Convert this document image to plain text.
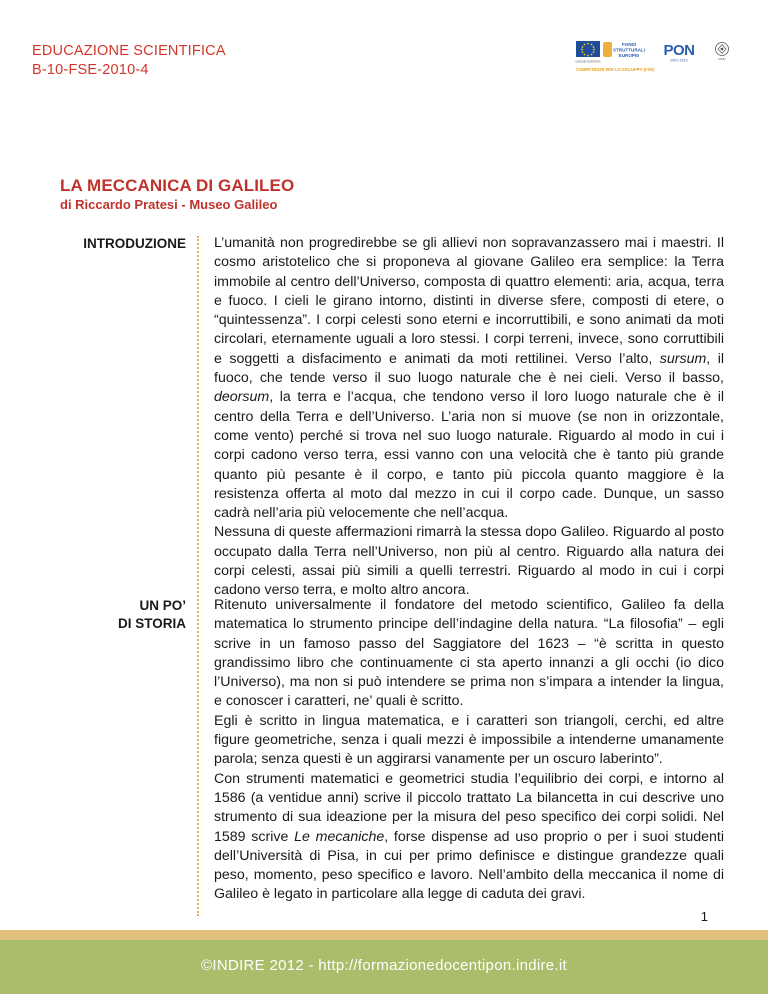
EDUCAZIONE SCIENTIFICA
B-10-FSE-2010-4
UNIONE EUROPEA
FONDI
STRUTTURALI
EUROPEI PON
2007-2013	MIUR
COMPETENZE PER LO SVILUPPO (FSE)
LA MECCANICA DI GALILEO
di Riccardo Pratesi - Museo Galileo
INTRODUZIONE L’umanità non progredirebbe se gli allievi non sopravanzassero mai i maestri. Il cosmo aristotelico che si proponeva al giovane Galileo era semplice: la Terra immobile al centro dell’Universo, composta di quattro elementi: aria, acqua, terra e fuoco. I cieli le girano intorno, distinti in diverse sfere, composti di etere, o “quintessenza”. I corpi celesti sono eterni e incorruttibili, e sono animati da moti circolari, eternamente uguali a loro stessi. I corpi terreni, invece, sono corruttibili e soggetti a disfacimento e animati da moti rettilinei. Verso l’alto, sursum, il fuoco, che tende verso il suo luogo naturale che è nei cieli. Verso il basso, deorsum, la terra e l’acqua, che tendono verso il loro luogo naturale che è il centro della Terra e dell’Universo. L’aria non si muove (se non in orizzontale, come vento) perché si trova nel suo luogo naturale. Riguardo al modo in cui i corpi cadono verso terra, essi vanno con una velocità che è tanto più grande quanto più pesante è il corpo, e tanto più piccola quanto maggiore è la resistenza offerta al moto dal mezzo in cui il corpo cade. Dunque, un sasso cadrà nell’aria più velocemente che nell’acqua.

Nessuna di queste affermazioni rimarrà la stessa dopo Galileo. Riguardo al posto occupato dalla Terra nell’Universo, non più al centro. Riguardo alla natura dei corpi celesti, assai più simili a quelli terrestri. Riguardo al modo in cui i corpi cadono verso terra, e molto altro ancora.

UN PO’
DI STORIA

Ritenuto universalmente il fondatore del metodo scientifico, Galileo fa della matematica lo strumento principe dell’indagine della natura. “La filosofia” – egli scrive in un famoso passo del Saggiatore del 1623 – “è scritta in questo grandissimo libro che continuamente ci sta aperto innanzi a gli occhi (io dico l’Universo), ma non si può intendere se prima non s’impara a intender la lingua, e conoscer i caratteri, ne’ quali è scritto.

Egli è scritto in lingua matematica, e i caratteri son triangoli, cerchi, ed altre figure geometriche, senza i quali mezzi è impossibile a intenderne umanamente parola; senza questi è un aggirarsi vanamente per un oscuro laberinto”.

Con strumenti matematici e geometrici studia l’equilibrio dei corpi, e intorno al 1586 (a ventidue anni) scrive il piccolo trattato La bilancetta in cui descrive uno strumento di sua ideazione per la misura del peso specifico dei corpi solidi. Nel 1589 scrive Le mecaniche, forse dispense ad uso proprio o per i suoi studenti dell’Università di Pisa, in cui per primo definisce e distingue grandezze quali peso, momento, peso specifico e lavoro. Nell’ambito della meccanica il nome di Galileo è legato in particolare alla legge di caduta dei gravi.

1
©INDIRE 2012 - http://formazionedocentipon.indire.it
